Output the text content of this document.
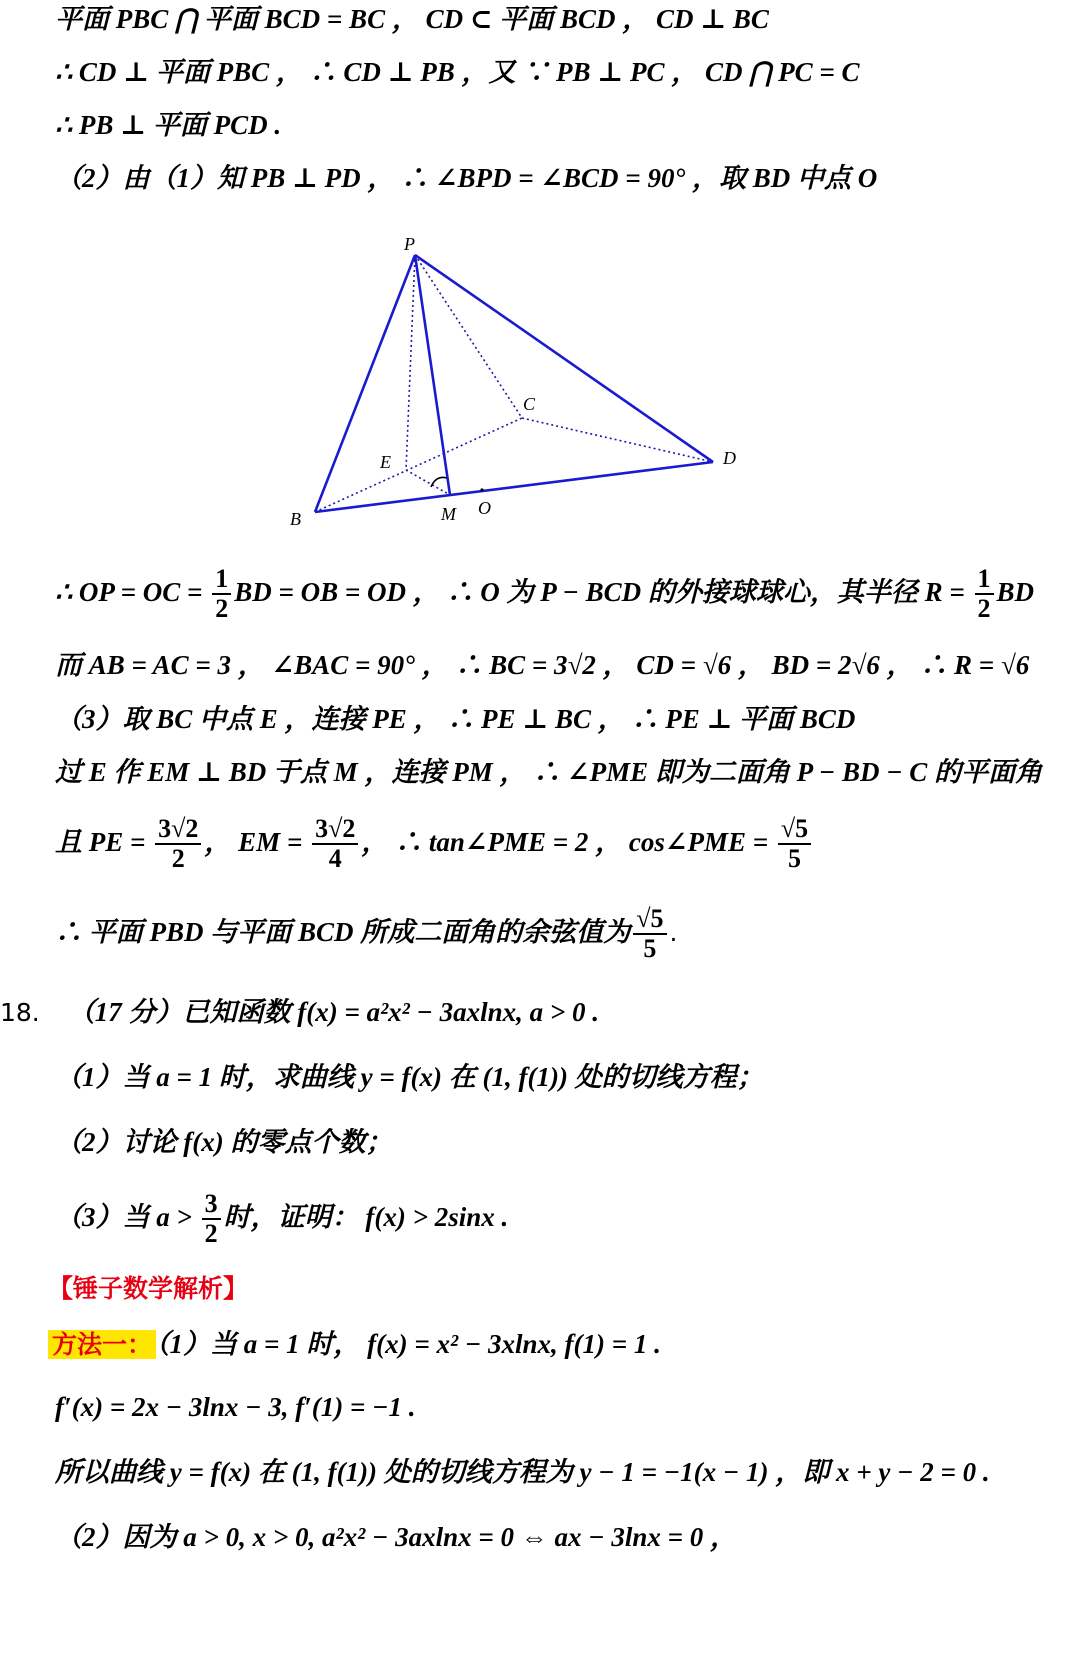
平面 PBC ⋂ 平面 BCD = BC ， CD ⊂ 平面 BCD ， CD ⊥ BC
∴ CD ⊥ 平面 PBC ， ∴ CD ⊥ PB ，又 ∵ PB ⊥ PC ， CD ⋂ PC = C
∴ PB ⊥ 平面 PCD .
（2）由（1）知 PB ⊥ PD ， ∴ ∠BPD = ∠BCD = 90° ，取 BD 中点 O
P
C
E	D
B	M O
∴ OP = OC = $\frac{1}{2}$ BD = OB = OD ， ∴ O 为 P − BCD 的外接球球心，其半径 $R = \frac{1}{2}$ BD
而 AB = AC = 3 ， ∠BAC = 90° ， ∴ BC = 3√2 ， CD = √6 ， BD = 2√6 ， ∴ R = √6
（3）取 BC 中点 E ，连接 PE ， ∴ PE ⊥ BC ， ∴ PE ⊥ 平面 BCD
过 E 作 EM ⊥ BD 于点 M ，连接 PM ， ∴ ∠PME 即为二面角 P − BD − C 的平面角
且 PE = $\frac{3√2}{2}$ ， EM = $\frac{3√2}{4}$ ， ∴ tan∠PME = 2 ， cos∠PME = $\frac{√5}{5}$
∴ 平面 PBD 与平面 BCD 所成二面角的余弦值为 $\frac{√5}{5}$ .
18. （17 分）已知函数 f(x) = a²x² − 3axlnx, a > 0 .
（1）当 a = 1 时，求曲线 y = f(x) 在 (1, f(1)) 处的切线方程；
（2）讨论 f(x) 的零点个数；
（3）当 $a > \frac{3}{2}$ 时，证明： f(x) > 2sinx .
【锤子数学解析】
方法一： （1）当 a = 1 时， f(x) = x² − 3xlnx, f(1) = 1 .
f′(x) = 2x − 3lnx − 3, f′(1) = −1 .
所以曲线 y = f(x) 在 (1, f(1)) 处的切线方程为 y − 1 = −1(x − 1) ，即 x + y − 2 = 0 .
（2）因为 a > 0, x > 0, a²x² − 3axlnx = 0 ⇔ ax − 3lnx = 0 ，
